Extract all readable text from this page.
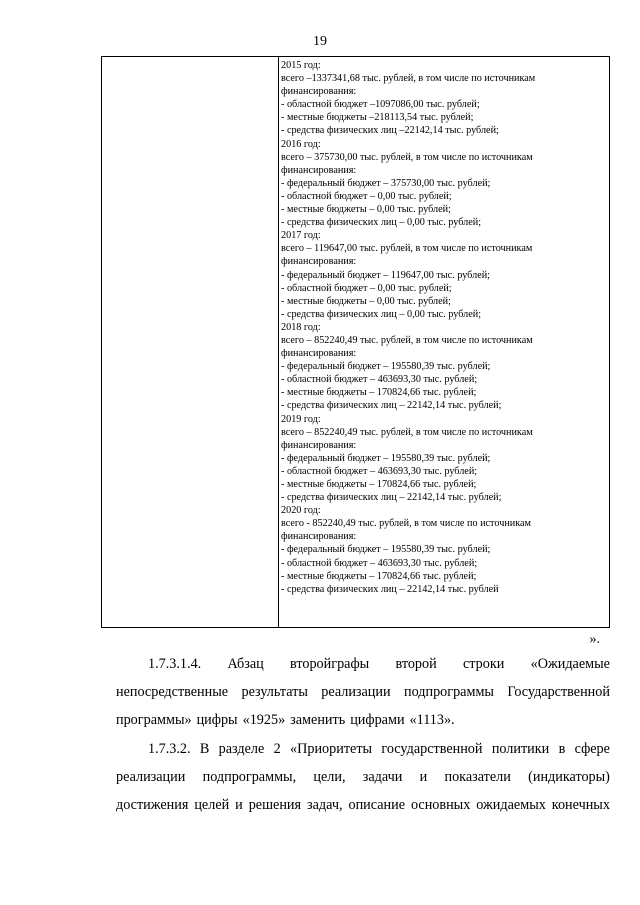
19
2015 год:
всего –1337341,68 тыс. рублей, в том числе по источникам
финансирования:
- областной бюджет –1097086,00 тыс. рублей;
- местные бюджеты –218113,54 тыс. рублей;
- средства физических лиц –22142,14 тыс. рублей;
2016 год:
всего – 375730,00 тыс. рублей, в том числе по источникам
финансирования:
- федеральный бюджет – 375730,00 тыс. рублей;
- областной бюджет – 0,00 тыс. рублей;
- местные бюджеты – 0,00 тыс. рублей;
- средства физических лиц – 0,00 тыс. рублей;
2017 год:
всего – 119647,00 тыс. рублей, в том числе по источникам
финансирования:
- федеральный бюджет – 119647,00 тыс. рублей;
- областной бюджет – 0,00 тыс. рублей;
- местные бюджеты – 0,00 тыс. рублей;
- средства физических лиц – 0,00 тыс. рублей;
2018 год:
всего – 852240,49 тыс. рублей, в том числе по источникам
финансирования:
- федеральный бюджет – 195580,39 тыс. рублей;
- областной бюджет – 463693,30 тыс. рублей;
- местные бюджеты – 170824,66 тыс. рублей;
- средства физических лиц – 22142,14 тыс. рублей;
2019 год:
всего – 852240,49 тыс. рублей, в том числе по источникам
финансирования:
- федеральный бюджет – 195580,39 тыс. рублей;
- областной бюджет – 463693,30 тыс. рублей;
- местные бюджеты – 170824,66 тыс. рублей;
- средства физических лиц – 22142,14 тыс. рублей;
2020 год:
всего - 852240,49 тыс. рублей, в том числе по источникам
финансирования:
- федеральный бюджет – 195580,39 тыс. рублей;
- областной бюджет – 463693,30 тыс. рублей;
- местные бюджеты – 170824,66 тыс. рублей;
- средства физических лиц – 22142,14 тыс. рублей
».
1.7.3.1.4. Абзац второйграфы второй строки «Ожидаемые
непосредственные результаты реализации подпрограммы Государственной
программы» цифры «1925» заменить цифрами «1113».
1.7.3.2. В разделе 2 «Приоритеты государственной политики в сфере
реализации подпрограммы, цели, задачи и показатели (индикаторы)
достижения целей и решения задач, описание основных ожидаемых конечных
